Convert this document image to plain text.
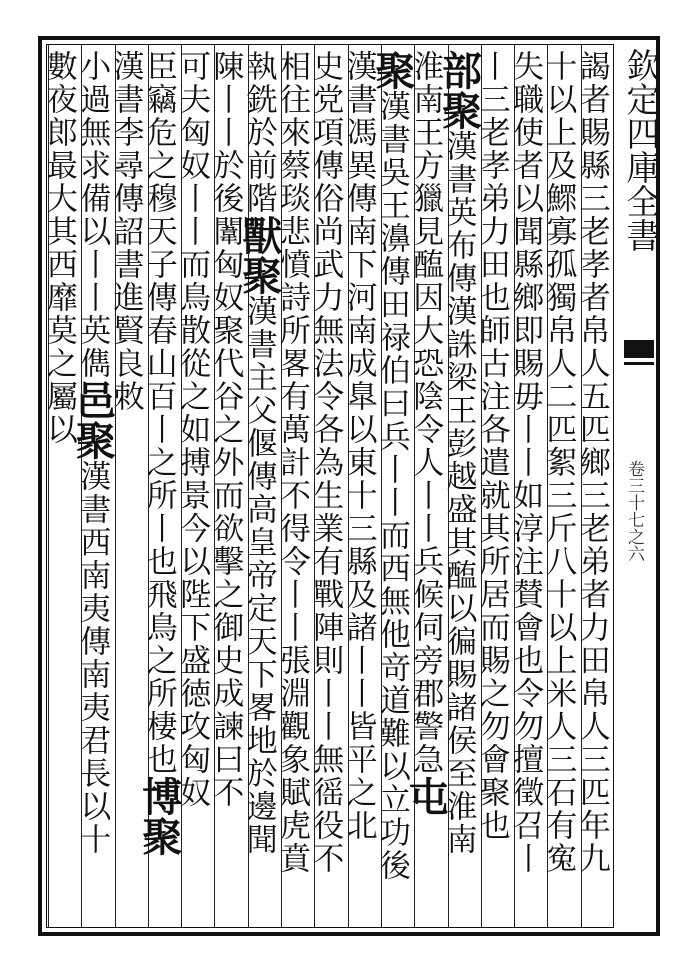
欽定四庫全書
卷三十七之六
謁者賜縣三老孝者帛人五匹鄉三老弟者力田帛人三匹年九
十以上及鰥寡孤獨帛人二匹絮三斤八十以上米人三石有寃
失職使者以聞縣鄉即賜毋丨丨如淳注賛會也令勿擅徵召丨
丨三老孝弟力田也師古注各遣就其所居而賜之勿會聚也
部聚漢書英布傳漢誅梁王彭越盛其醢以徧賜諸侯至淮南
淮南王方獵見醢因大恐陰令人丨丨兵候伺旁郡警急屯
聚漢書吳王濞傳田禄伯曰兵丨丨而西無他竒道難以立功後
漢書馮異傳南下河南成臯以東十三縣及諸丨丨皆平之北
史党項傳俗尚武力無法令各為生業有戰陣則丨丨無徭役不
相往來蔡琰悲憤詩所畧有萬計不得令丨丨張淵觀象賦虎賁
執銑於前階獸聚漢書主父偃傳高皇帝定天下畧地於邊聞
陳丨丨於後闈匈奴聚代谷之外而欲擊之御史成諫曰不
可夫匈奴丨丨而鳥散從之如搏景今以陛下盛徳攻匈奴
臣竊危之穆天子傳春山百丨之所丨也飛鳥之所棲也博聚
漢書李尋傳詔書進賢良敇
小過無求備以丨丨英儁邑聚漢書西南夷傳南夷君長以十
數夜郎最大其西靡莫之屬以
